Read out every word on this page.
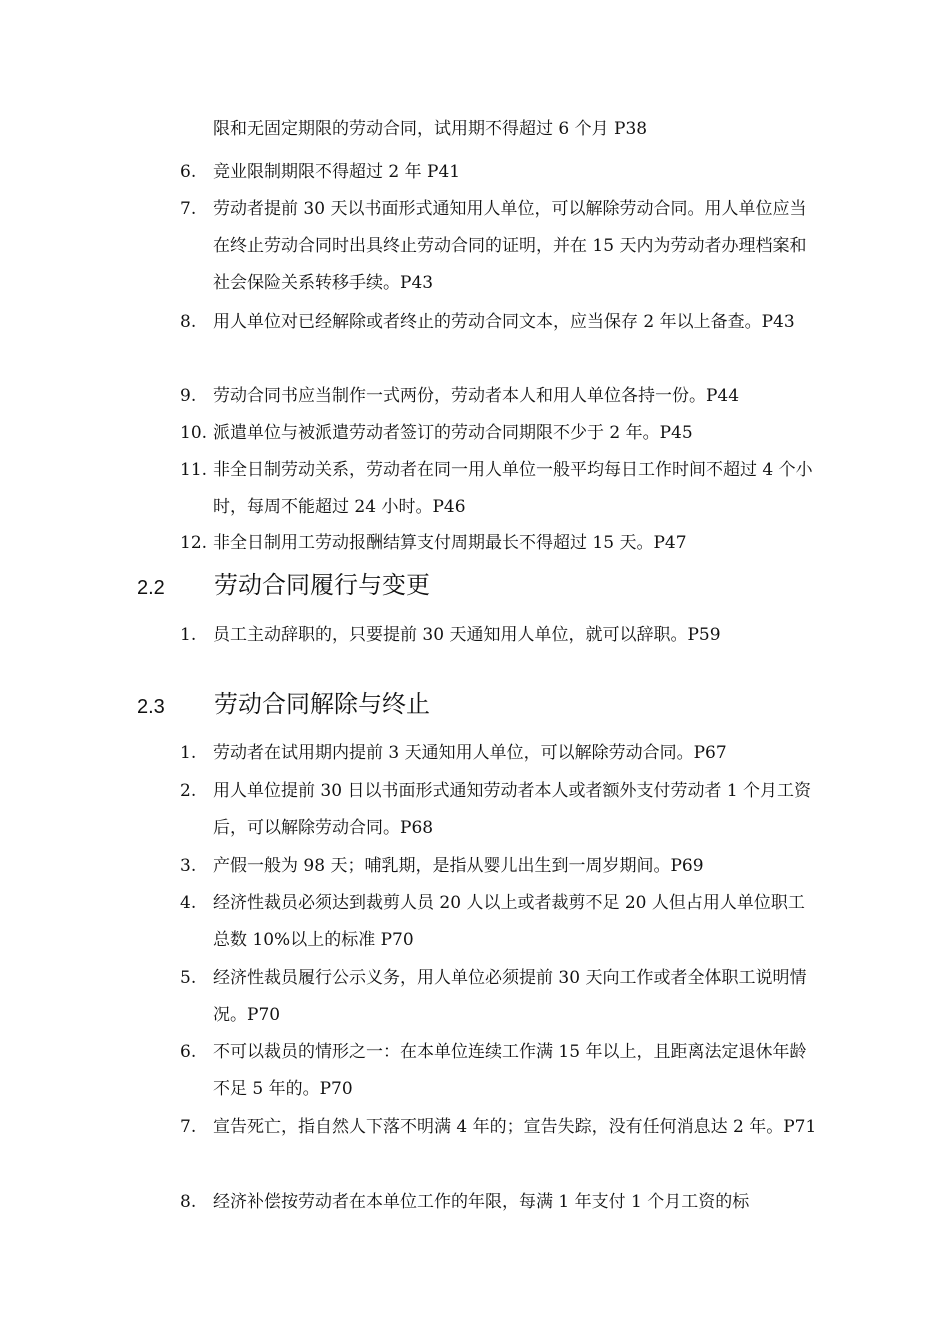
限和无固定期限的劳动合同，试用期不得超过 6 个月 P38
6. 竞业限制期限不得超过 2 年 P41
7. 劳动者提前 30 天以书面形式通知用人单位，可以解除劳动合同。用人单位应当在终止劳动合同时出具终止劳动合同的证明，并在 15 天内为劳动者办理档案和社会保险关系转移手续。P43
8. 用人单位对已经解除或者终止的劳动合同文本，应当保存 2 年以上备查。P43
9. 劳动合同书应当制作一式两份，劳动者本人和用人单位各持一份。P44
10. 派遣单位与被派遣劳动者签订的劳动合同期限不少于 2 年。P45
11. 非全日制劳动关系，劳动者在同一用人单位一般平均每日工作时间不超过 4 个小时，每周不能超过 24 小时。P46
12. 非全日制用工劳动报酬结算支付周期最长不得超过 15 天。P47
2.2 劳动合同履行与变更
1. 员工主动辞职的，只要提前 30 天通知用人单位，就可以辞职。P59
2.3 劳动合同解除与终止
1. 劳动者在试用期内提前 3 天通知用人单位，可以解除劳动合同。P67
2. 用人单位提前 30 日以书面形式通知劳动者本人或者额外支付劳动者 1 个月工资后，可以解除劳动合同。P68
3. 产假一般为 98 天；哺乳期，是指从婴儿出生到一周岁期间。P69
4. 经济性裁员必须达到裁剪人员 20 人以上或者裁剪不足 20 人但占用人单位职工总数 10%以上的标准 P70
5. 经济性裁员履行公示义务，用人单位必须提前 30 天向工作或者全体职工说明情况。P70
6. 不可以裁员的情形之一：在本单位连续工作满 15 年以上，且距离法定退休年龄不足 5 年的。P70
7. 宣告死亡，指自然人下落不明满 4 年的；宣告失踪，没有任何消息达 2 年。P71
8. 经济补偿按劳动者在本单位工作的年限，每满 1 年支付 1 个月工资的标
